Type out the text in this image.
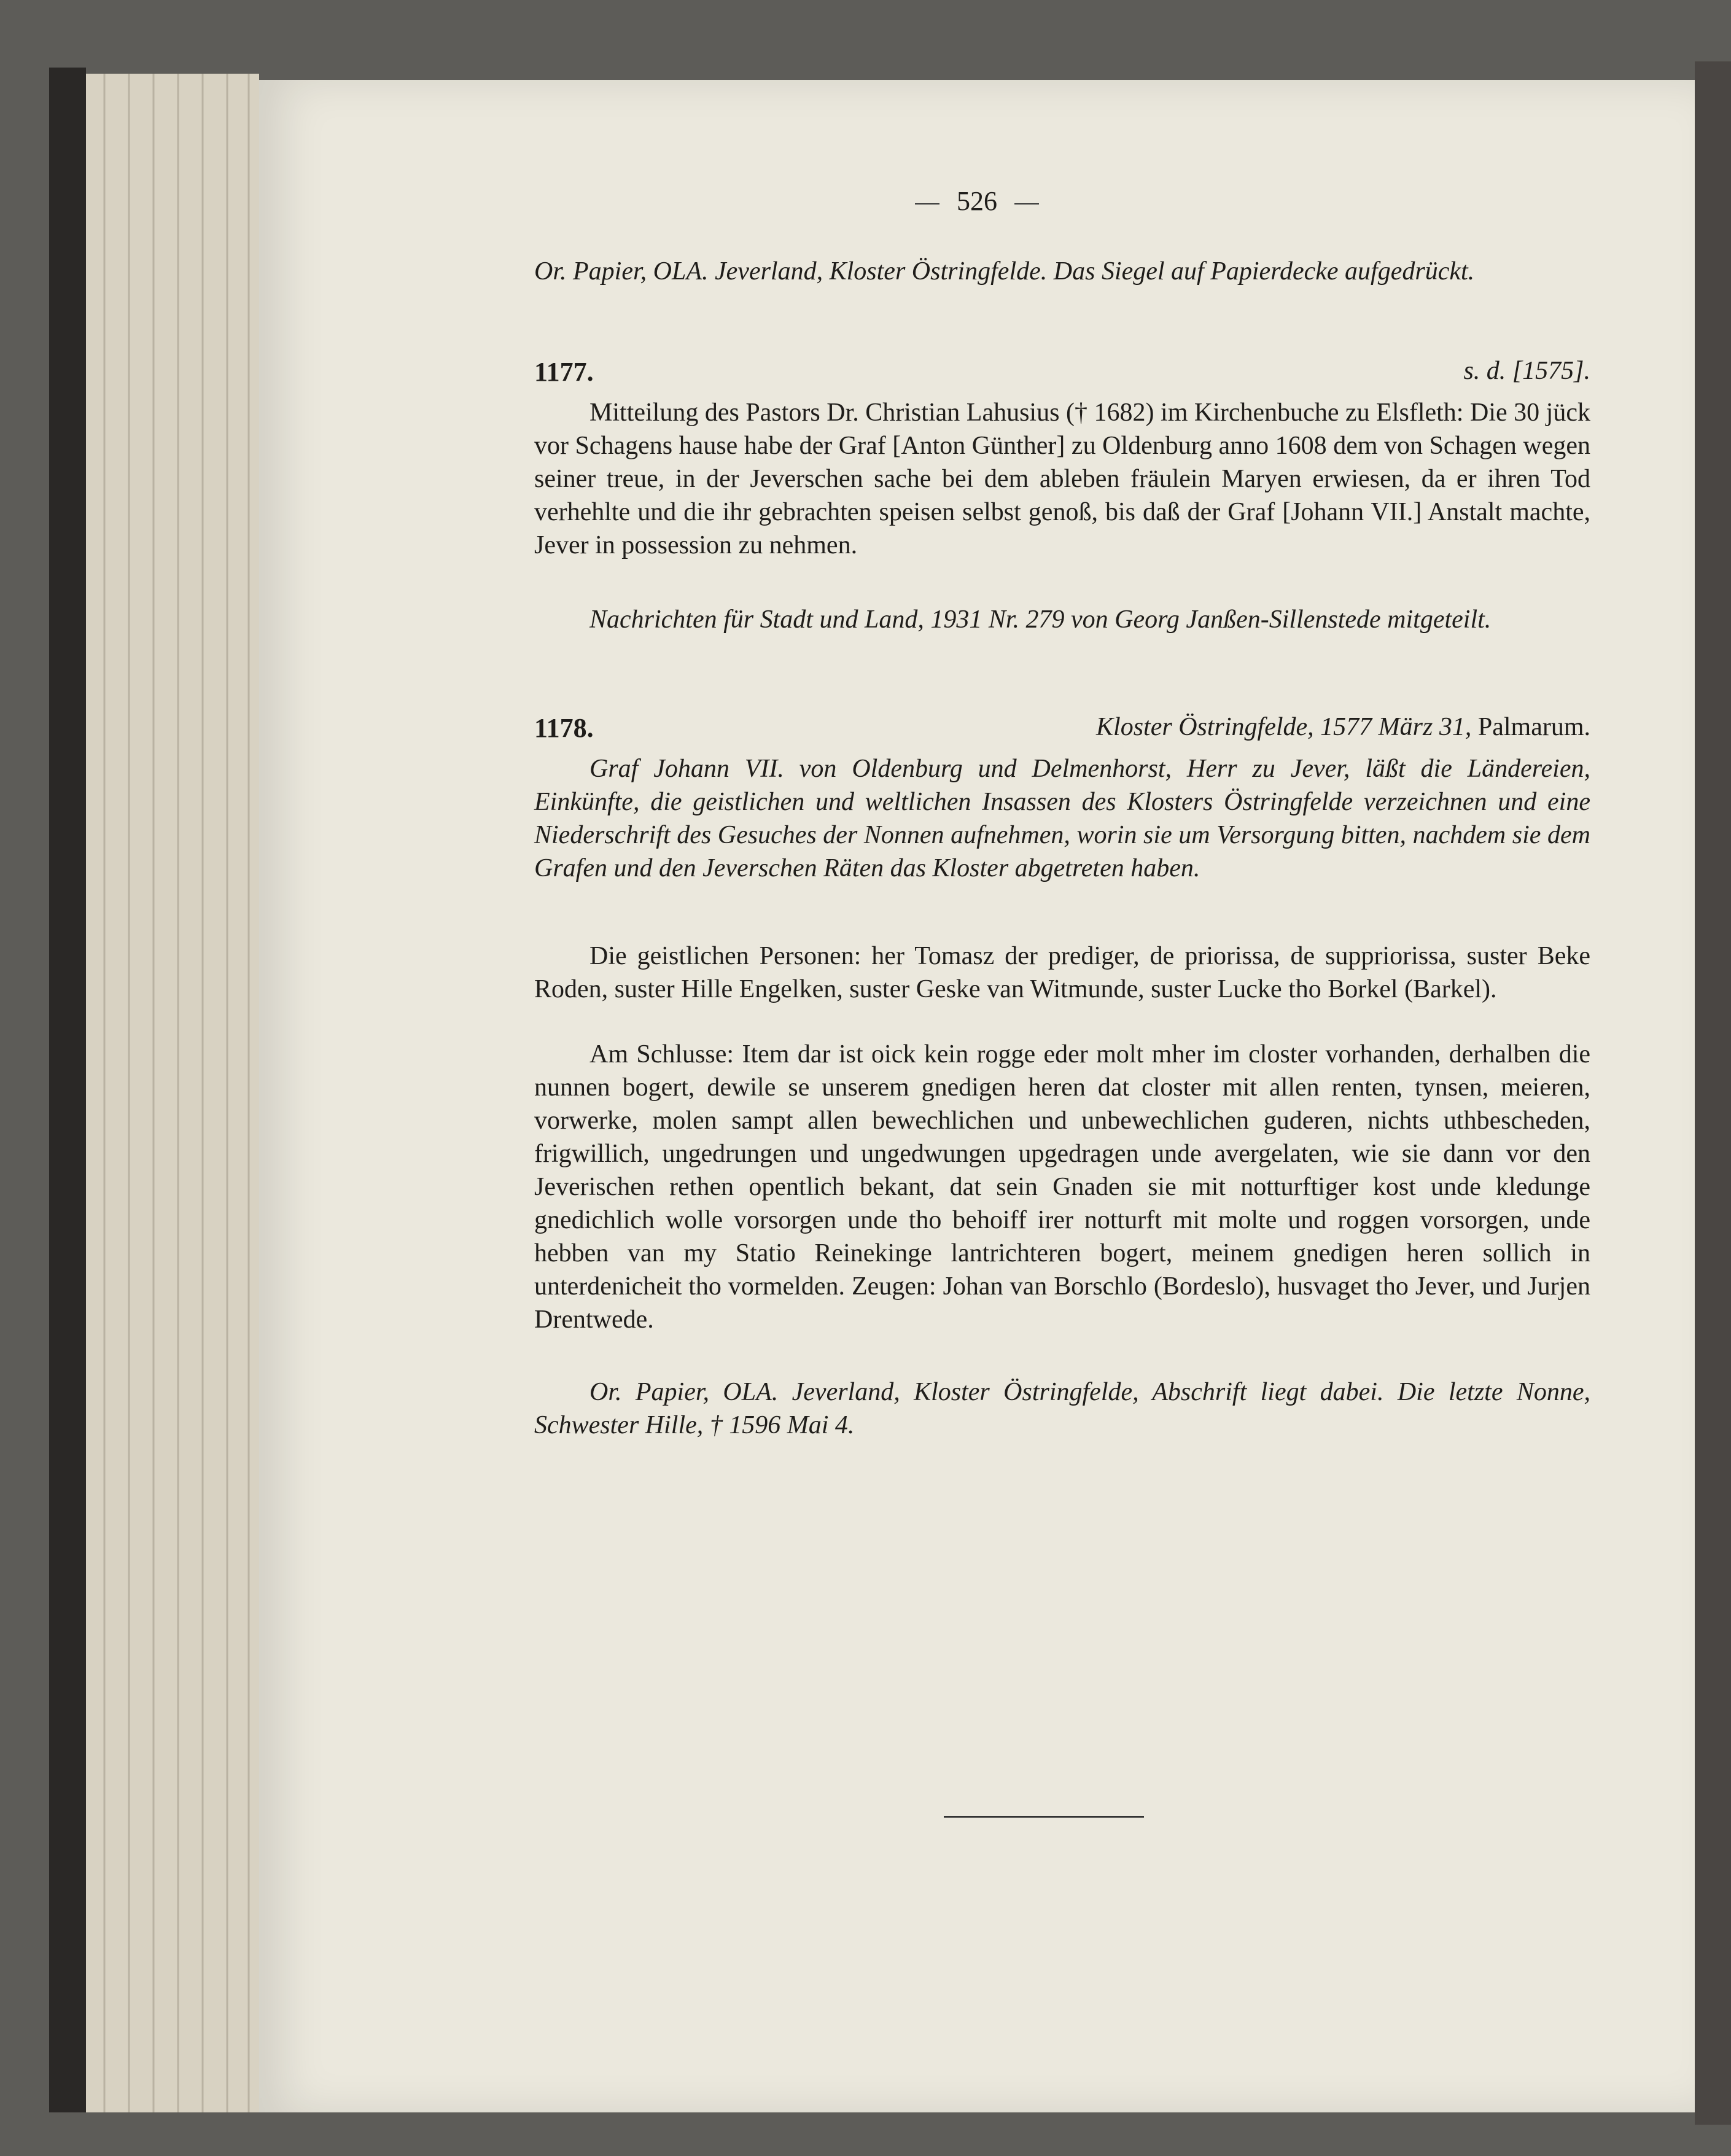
526
Or. Papier, OLA. Jeverland, Kloster Östringfelde. Das Siegel auf Papierdecke aufgedrückt.
1177.	s. d. [1575].
Mitteilung des Pastors Dr. Christian Lahusius († 1682) im Kirchenbuche zu Elsfleth: Die 30 jück vor Schagens hause habe der Graf [Anton Günther] zu Oldenburg anno 1608 dem von Schagen wegen seiner treue, in der Jeverschen sache bei dem ableben fräulein Maryen erwiesen, da er ihren Tod verhehlte und die ihr gebrachten speisen selbst genoß, bis daß der Graf [Johann VII.] Anstalt machte, Jever in possession zu nehmen.
Nachrichten für Stadt und Land, 1931 Nr. 279 von Georg Janßen-Sillenstede mitgeteilt.
1178.	Kloster Östringfelde, 1577 März 31, Palmarum.
Graf Johann VII. von Oldenburg und Delmenhorst, Herr zu Jever, läßt die Ländereien, Einkünfte, die geistlichen und weltlichen Insassen des Klosters Östringfelde verzeichnen und eine Niederschrift des Gesuches der Nonnen aufnehmen, worin sie um Versorgung bitten, nachdem sie dem Grafen und den Jeverschen Räten das Kloster abgetreten haben.
Die geistlichen Personen: her Tomasz der prediger, de priorissa, de suppriorissa, suster Beke Roden, suster Hille Engelken, suster Geske van Witmunde, suster Lucke tho Borkel (Barkel).
Am Schlusse: Item dar ist oick kein rogge eder molt mher im closter vorhanden, derhalben die nunnen bogert, dewile se unserem gnedigen heren dat closter mit allen renten, tynsen, meieren, vorwerke, molen sampt allen bewechlichen und unbewechlichen guderen, nichts uthbescheden, frigwillich, ungedrungen und ungedwungen upgedragen unde avergelaten, wie sie dann vor den Jeverischen rethen opentlich bekant, dat sein Gnaden sie mit notturftiger kost unde kledunge gnedichlich wolle vorsorgen unde tho behoiff irer notturft mit molte und roggen vorsorgen, unde hebben van my Statio Reinekinge lantrichteren bogert, meinem gnedigen heren sollich in unterdenicheit tho vormelden. Zeugen: Johan van Borschlo (Bordeslo), husvaget tho Jever, und Jurjen Drentwede.
Or. Papier, OLA. Jeverland, Kloster Östringfelde, Abschrift liegt dabei. Die letzte Nonne, Schwester Hille, † 1596 Mai 4.
